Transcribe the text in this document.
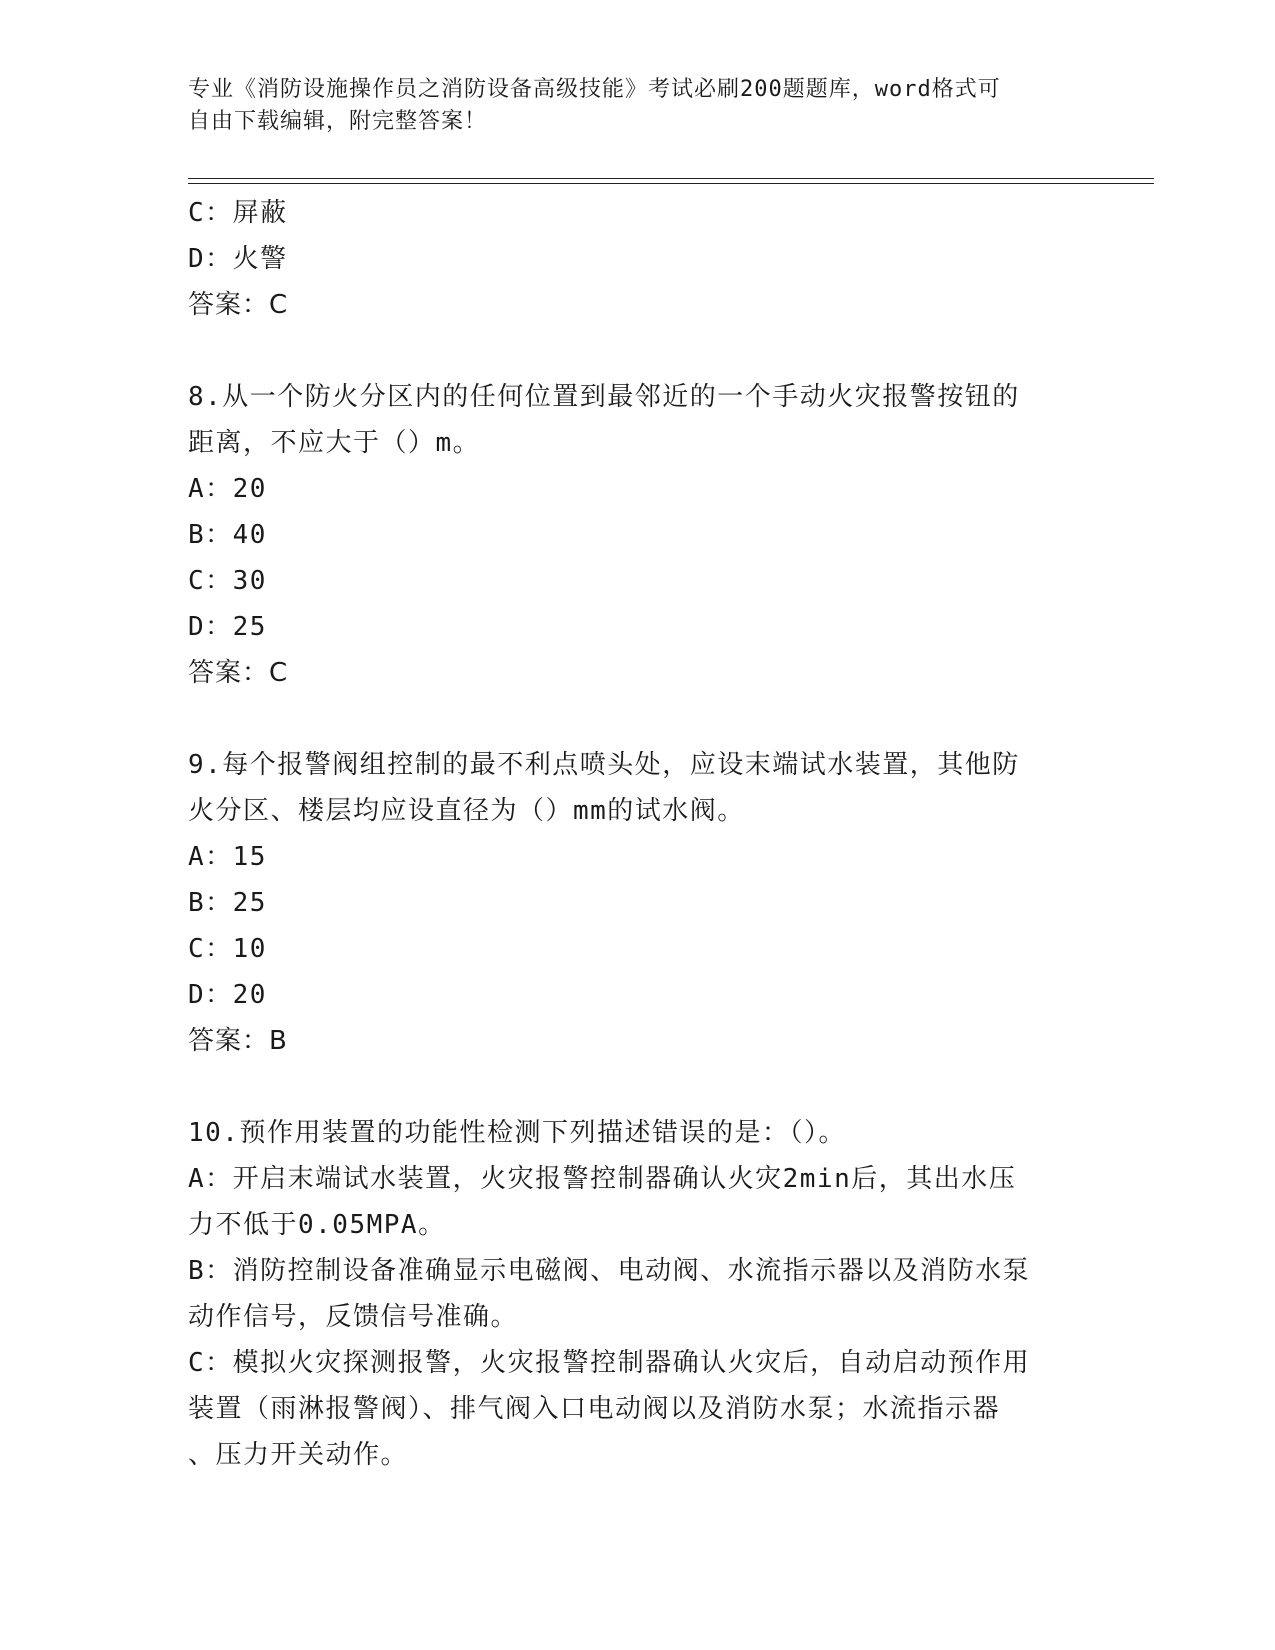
专业《消防设施操作员之消防设备高级技能》考试必刷200题题库，word格式可
自由下载编辑，附完整答案！
C：屏蔽
D：火警
答案：C
8.从一个防火分区内的任何位置到最邻近的一个手动火灾报警按钮的
距离，不应大于（）m。
A：20
B：40
C：30
D：25
答案：C
9.每个报警阀组控制的最不利点喷头处，应设末端试水装置，其他防
火分区、楼层均应设直径为（）mm的试水阀。
A：15
B：25
C：10
D：20
答案：B
10.预作用装置的功能性检测下列描述错误的是：（）。
A：开启末端试水装置，火灾报警控制器确认火灾2min后，其出水压
力不低于0.05MPA。
B：消防控制设备准确显示电磁阀、电动阀、水流指示器以及消防水泵
动作信号，反馈信号准确。
C：模拟火灾探测报警，火灾报警控制器确认火灾后，自动启动预作用
装置（雨淋报警阀）、排气阀入口电动阀以及消防水泵；水流指示器
、压力开关动作。
